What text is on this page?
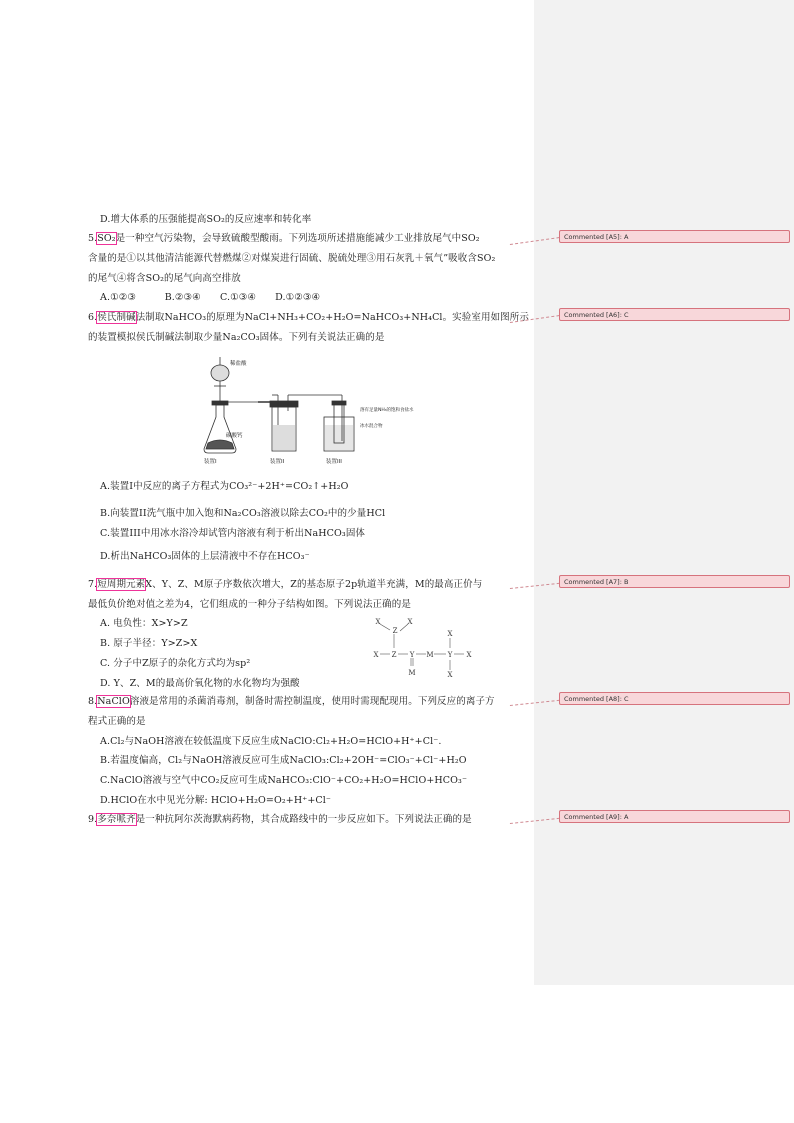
D.增大体系的压强能提高SO₂的反应速率和转化率
5.SO₂是一种空气污染物，会导致硫酸型酸雨。下列选项所述措施能减少工业排放尾气中SO₂
含量的是①以其他清洁能源代替燃煤②对煤炭进行固硫、脱硫处理③用石灰乳＋氧气”吸收含SO₂
的尾气④将含SO₂的尾气向高空排放
A.①②③　　　B.②③④　　C.①③④　　D.①②③④
6.侯氏制碱法制取NaHCO₃的原理为NaCl+NH₃+CO₂+H₂O=NaHCO₃+NH₄Cl。实验室用如图所示
的装置模拟侯氏制碱法制取少量Na₂CO₃固体。下列有关说法正确的是
稀盐酸
碳酸钙
溶有足量NH₃的饱和食盐水
冰水混合物
装置I	装置II	装置III
A.装置I中反应的离子方程式为CO₃²⁻+2H⁺=CO₂↑+H₂O
B.向装置II洗气瓶中加入饱和Na₂CO₃溶液以除去CO₂中的少量HCl
C.装置III中用冰水浴冷却试管内溶液有利于析出NaHCO₃固体
D.析出NaHCO₃固体的上层清液中不存在HCO₃⁻
7.短周期元素X、Y、Z、M原子序数依次增大，Z的基态原子2p轨道半充满，M的最高正价与
最低负价绝对值之差为4，它们组成的一种分子结构如图。下列说法正确的是
A. 电负性：X>Y>Z
B. 原子半径：Y>Z>X
C. 分子中Z原子的杂化方式均为sp²
D. Y、Z、M的最高价氧化物的水化物均为强酸
X
Z
X
X Z Y M Y
X
X
X
M
8.NaClO溶液是常用的杀菌消毒剂，制备时需控制温度，使用时需现配现用。下列反应的离子方
程式正确的是
A.Cl₂与NaOH溶液在较低温度下反应生成NaClO:Cl₂+H₂O=HClO+H⁺+Cl⁻.
B.若温度偏高，Cl₂与NaOH溶液反应可生成NaClO₃:Cl₂+2OH⁻=ClO₃⁻+Cl⁻+H₂O
C.NaClO溶液与空气中CO₂反应可生成NaHCO₃:ClO⁻+CO₂+H₂O=HClO+HCO₃⁻
D.HClO在水中见光分解: HClO+H₂O=O₂+H⁺+Cl⁻
9.多奈哌齐是一种抗阿尔茨海默病药物，其合成路线中的一步反应如下。下列说法正确的是
Commented [A5]: A
Commented [A6]: C
Commented [A7]: B
Commented [A8]: C
Commented [A9]: A
